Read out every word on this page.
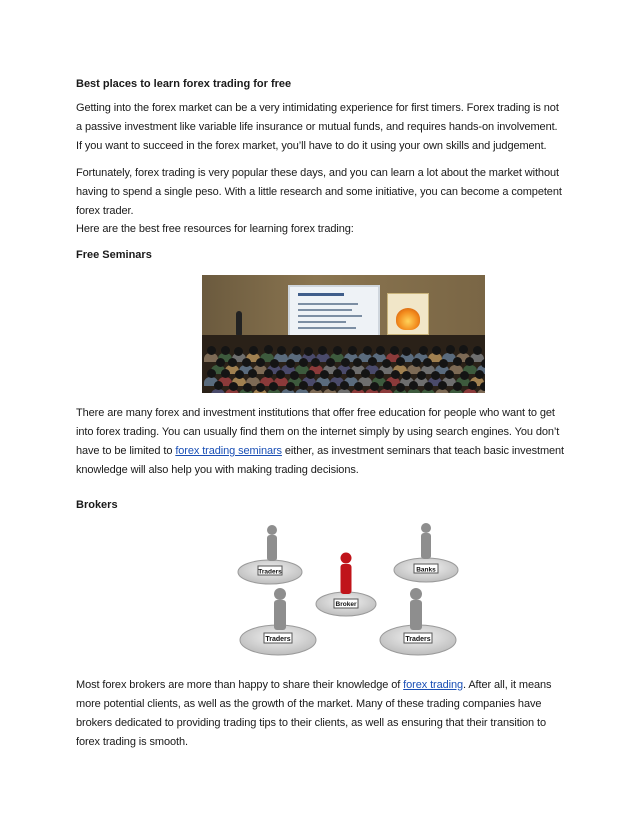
Best places to learn forex trading for free

Getting into the forex market can be a very intimidating experience for first timers. Forex trading is not a passive investment like variable life insurance or mutual funds, and requires hands-on involvement. If you want to succeed in the forex market, you’ll have to do it using your own skills and judgement.

Fortunately, forex trading is very popular these days, and you can learn a lot about the market without having to spend a single peso. With a little research and some initiative, you can become a competent forex trader.

Here are the best free resources for learning forex trading:

Free Seminars

There are many forex and investment institutions that offer free education for people who want to get into forex trading. You can usually find them on the internet simply by using search engines. You don’t have to be limited to forex trading seminars either, as investment seminars that teach basic investment knowledge will also help you with making trading decisions.

Brokers
Traders	Banks
Broker
Traders	Traders

Most forex brokers are more than happy to share their knowledge of forex trading. After all, it means more potential clients, as well as the growth of the market. Many of these trading companies have brokers dedicated to providing trading tips to their clients, as well as ensuring that their transition to forex trading is smooth.
